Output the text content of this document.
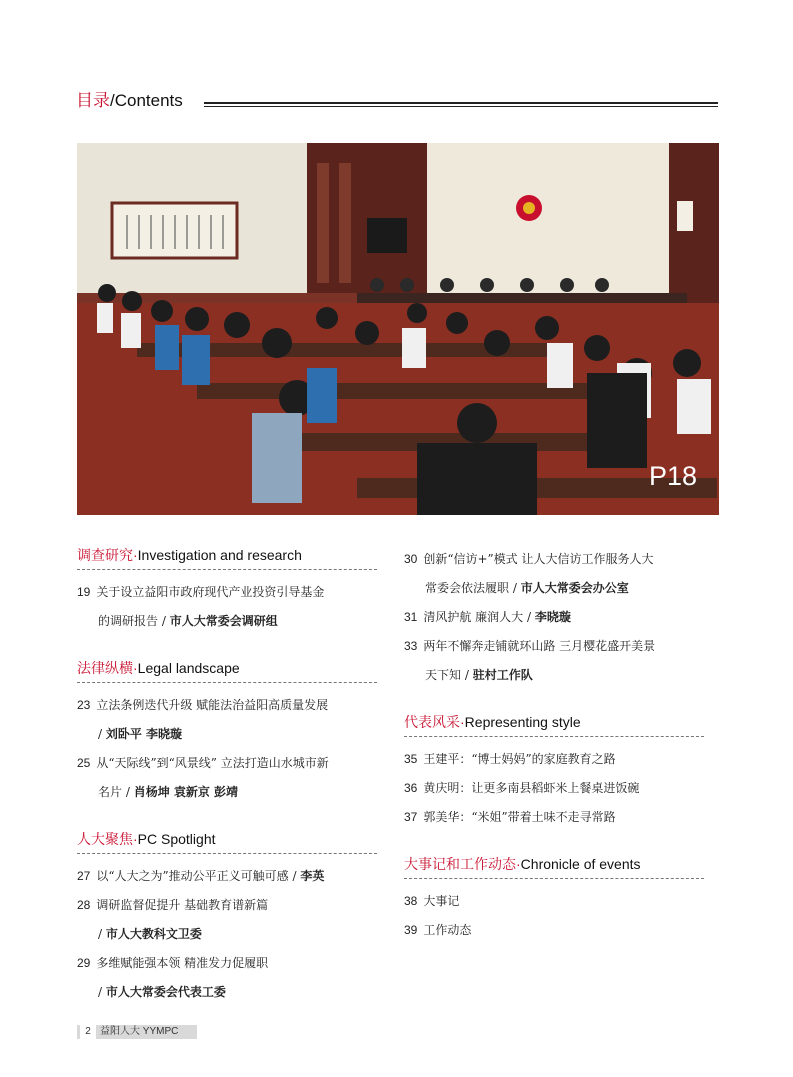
目录/Contents
P18
调查研究·Investigation and research
19 关于设立益阳市政府现代产业投资引导基金
的调研报告 / 市人大常委会调研组
法律纵横·Legal landscape
23 立法条例迭代升级 赋能法治益阳高质量发展
/ 刘卧平 李晓璇
25 从“天际线”到“风景线” 立法打造山水城市新
名片 / 肖杨坤 袁新京 彭靖
人大聚焦·PC Spotlight
27 以“人大之为”推动公平正义可触可感 / 李英
28 调研监督促提升 基础教育谱新篇
/ 市人大教科文卫委
29 多维赋能强本领 精准发力促履职
/ 市人大常委会代表工委
30 创新“信访+”模式 让人大信访工作服务人大
常委会依法履职 / 市人大常委会办公室
31 清风护航 廉润人大 / 李晓璇
33 两年不懈奔走铺就环山路 三月樱花盛开美景
天下知 / 驻村工作队
代表风采·Representing style
35 王建平：“博士妈妈”的家庭教育之路
36 黄庆明：让更多南县稻虾米上餐桌进饭碗
37 郭美华：“米姐”带着土味不走寻常路
大事记和工作动态·Chronicle of events
38 大事记
39 工作动态
2 益阳人大 YYMPC
